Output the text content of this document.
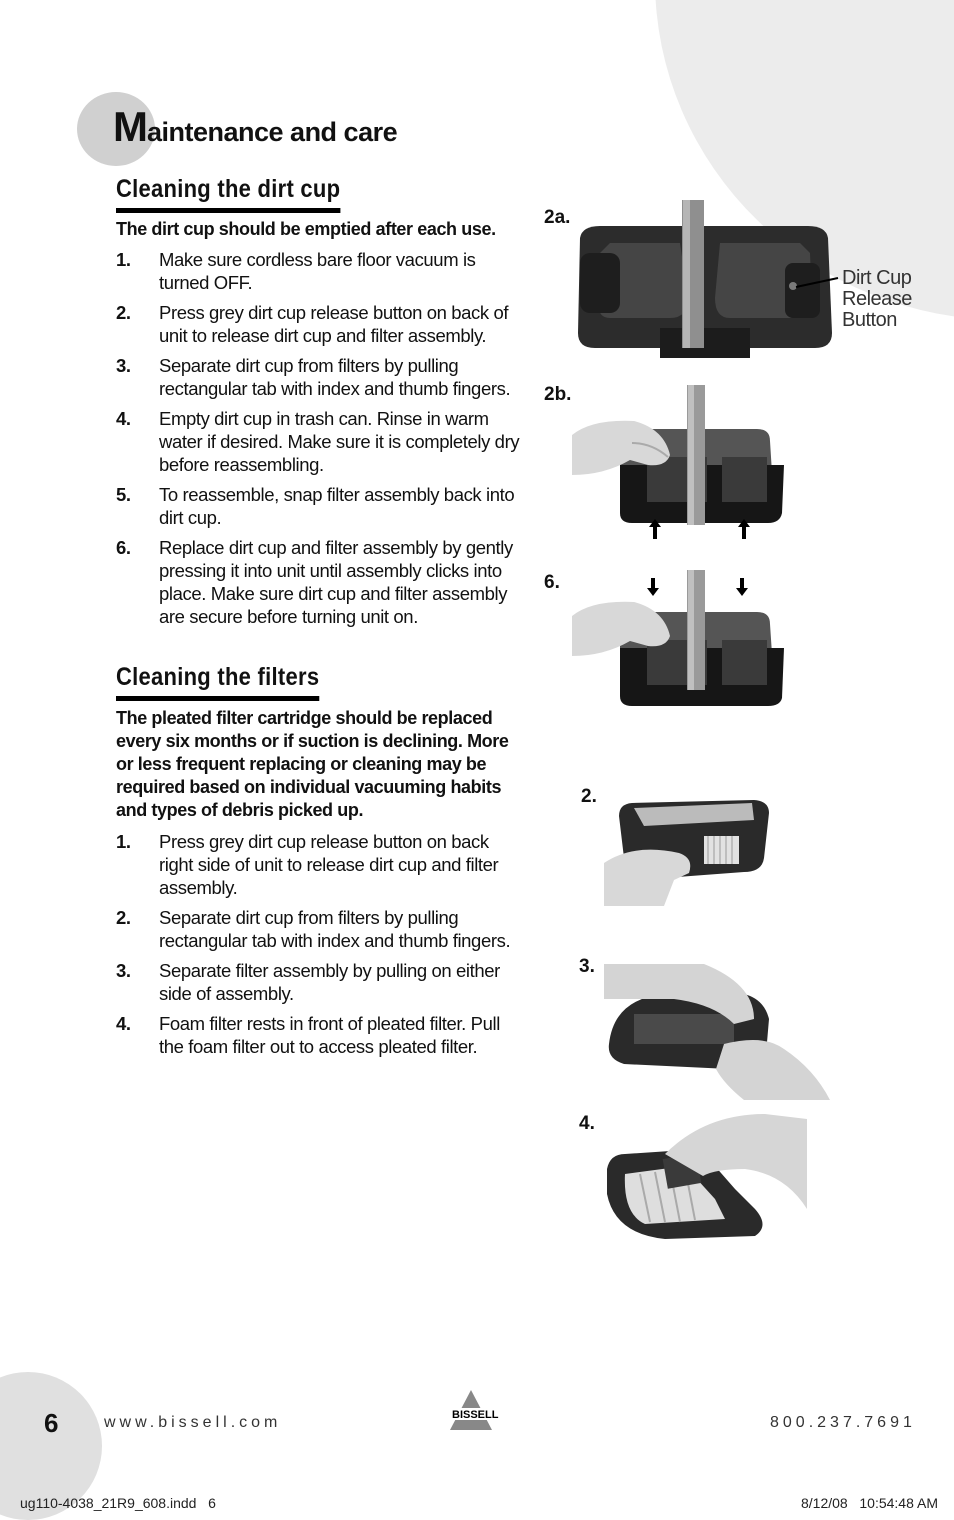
Maintenance and care
Cleaning the dirt cup
The dirt cup should be emptied after each use.
1. Make sure cordless bare floor vacuum is turned OFF.
2. Press grey dirt cup release button on back of unit to release dirt cup and filter assembly.
3. Separate dirt cup from filters by pulling rectangular tab with index and thumb fingers.
4. Empty dirt cup in trash can. Rinse in warm water if desired. Make sure it is completely dry before reassembling.
5. To reassemble, snap filter assembly back into dirt cup.
6. Replace dirt cup and filter assembly by gently pressing it into unit until assembly clicks into place. Make sure dirt cup and filter assembly are secure before turning unit on.
Cleaning the filters
The pleated filter cartridge should be replaced every six months or if suction is declining. More or less frequent replacing or cleaning may be required based on individual vacuuming habits and types of debris picked up.
1. Press grey dirt cup release button on back right side of unit to release dirt cup and filter assembly.
2. Separate dirt cup from filters by pulling rectangular tab with index and thumb fingers.
3. Separate filter assembly by pulling on either side of assembly.
4. Foam filter rests in front of pleated filter. Pull the foam filter out to access pleated filter.
2a.
2b.
6.
2.
3.
4.
Dirt Cup
Release
Button
6	www.bissell.com	BISSELL	800.237.7691
ug110-4038_21R9_608.indd   6	8/12/08   10:54:48 AM
